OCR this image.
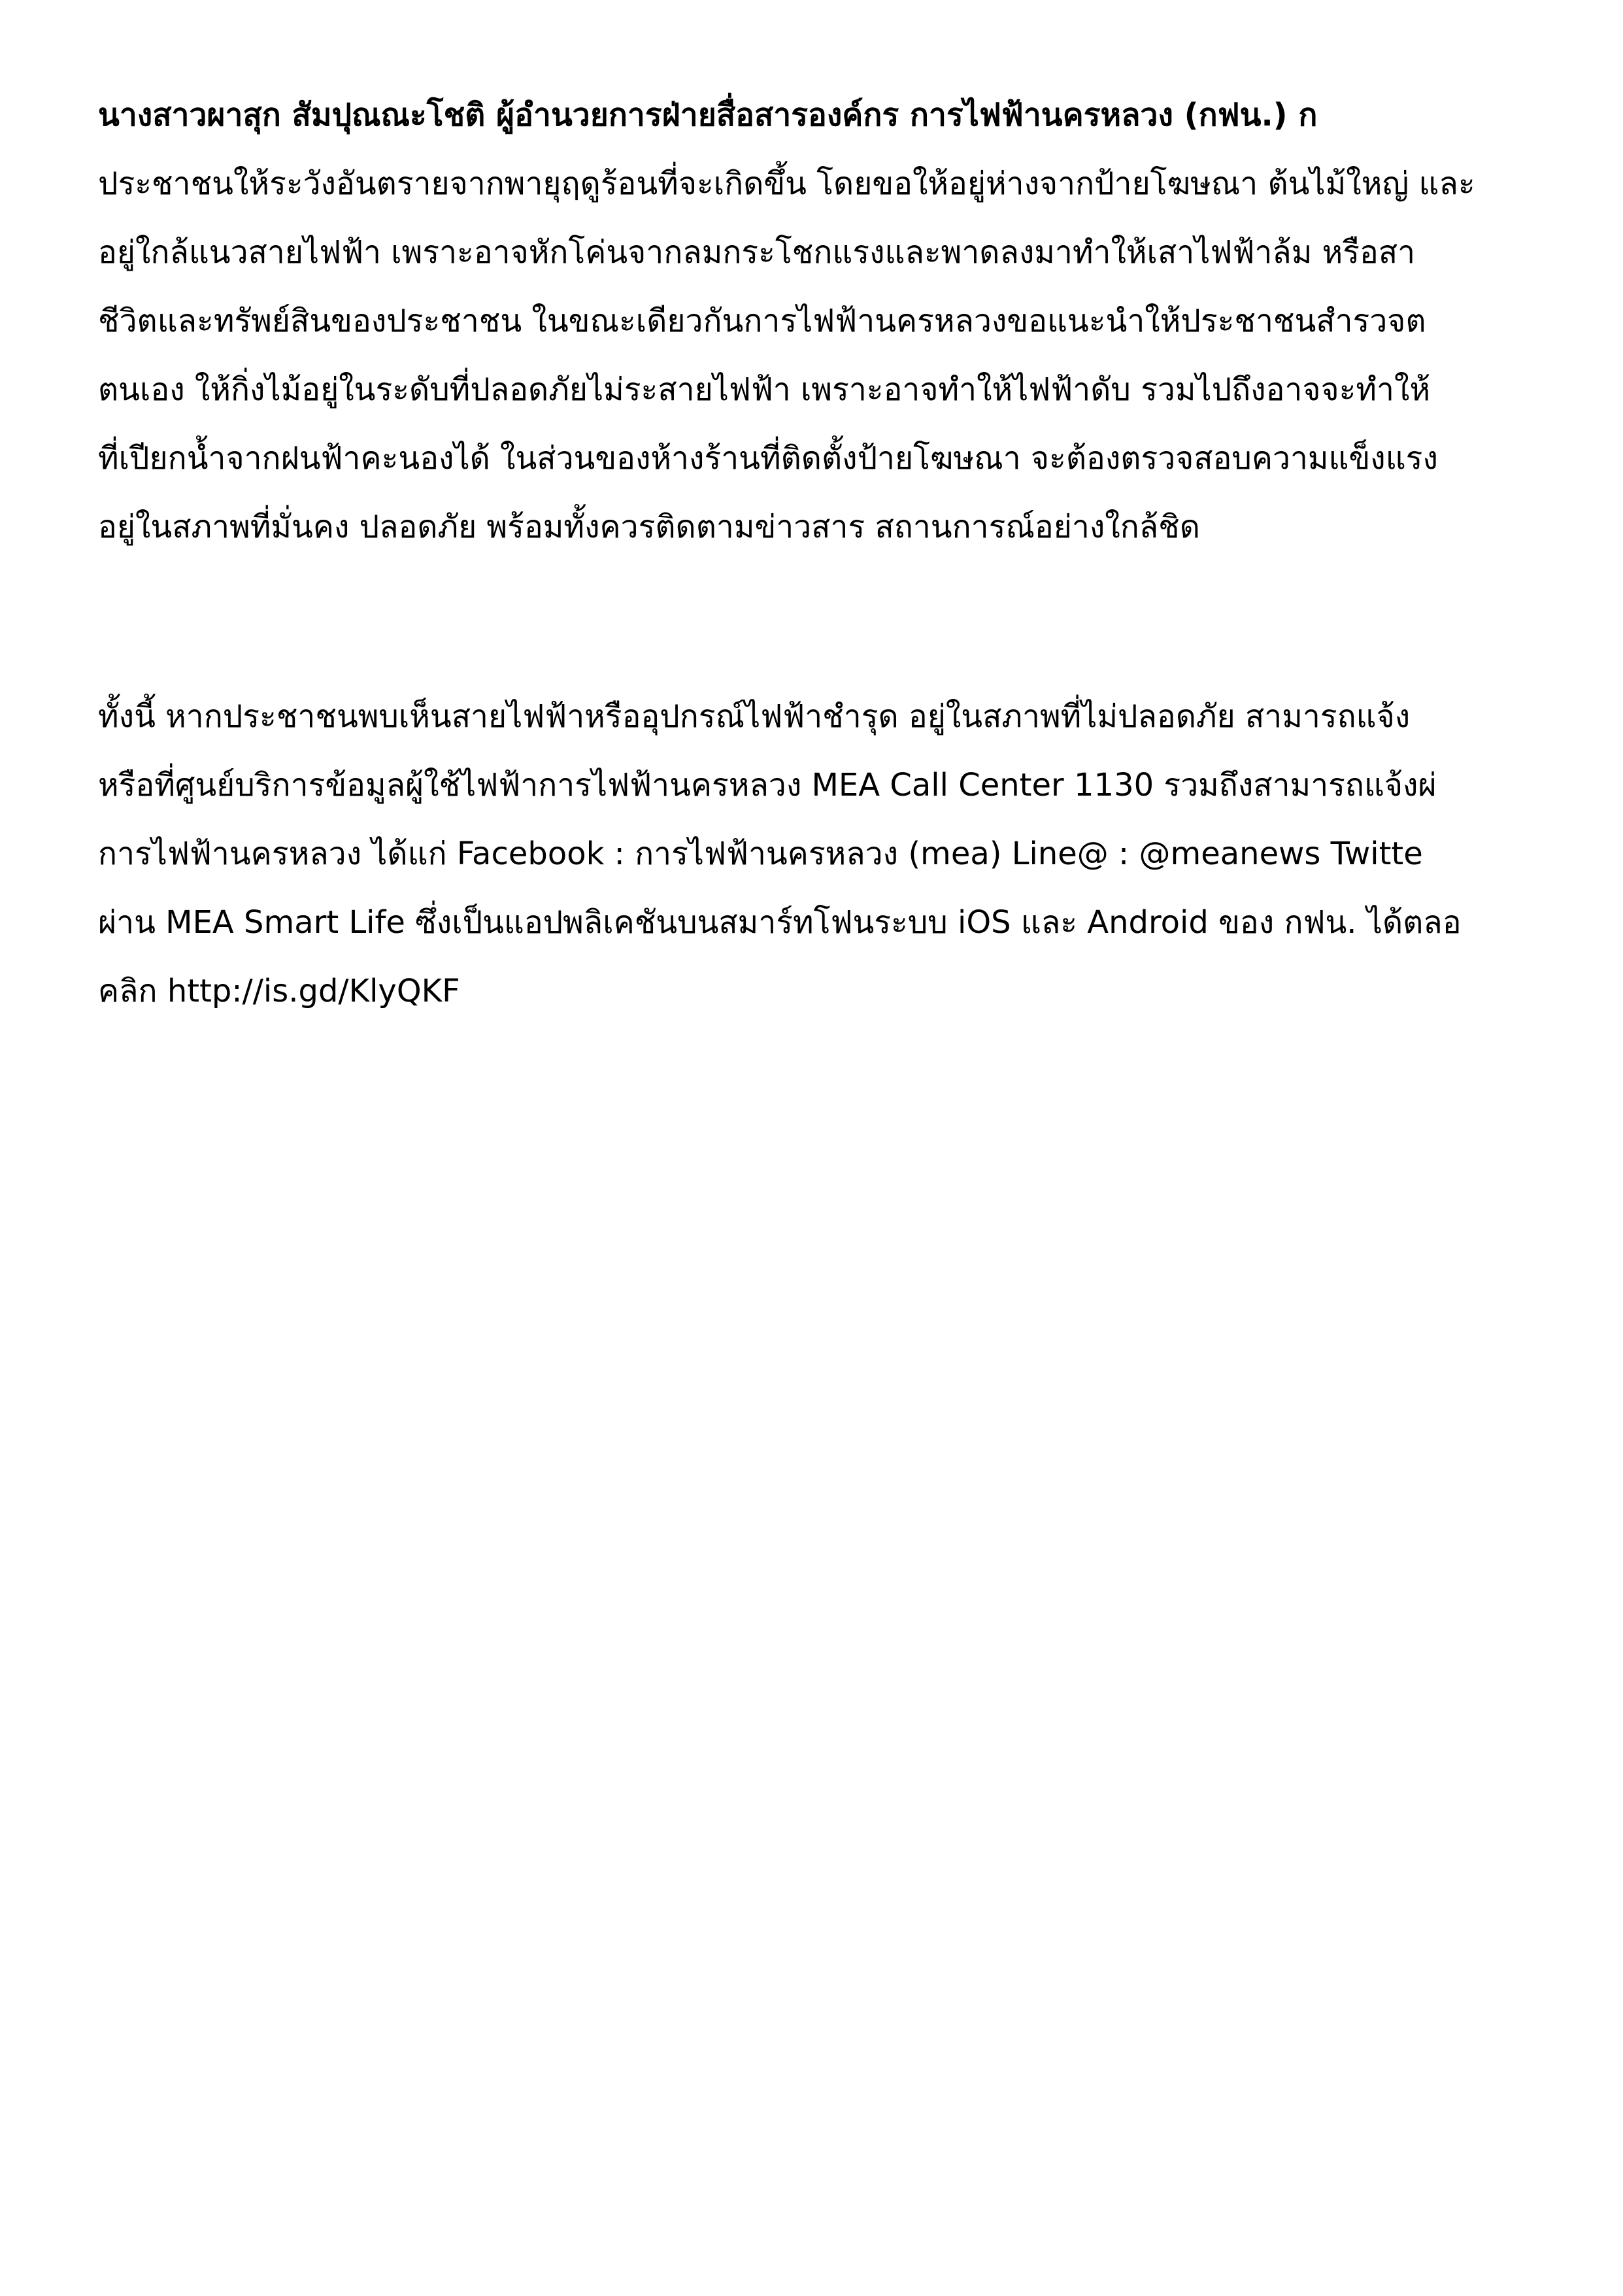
นางสาวผาสุก สัมปุณณะโชติ ผู้อำนวยการฝ่ายสื่อสารองค์กร การไฟฟ้านครหลวง (กฟน.) ก
ประชาชนให้ระวังอันตรายจากพายุฤดูร้อนที่จะเกิดขึ้น โดยขอให้อยู่ห่างจากป้ายโฆษณา ต้นไม้ใหญ่ และ
อยู่ใกล้แนวสายไฟฟ้า เพราะอาจหักโค่นจากลมกระโชกแรงและพาดลงมาทำให้เสาไฟฟ้าล้ม หรือสา
ชีวิตและทรัพย์สินของประชาชน ในขณะเดียวกันการไฟฟ้านครหลวงขอแนะนำให้ประชาชนสำรวจต
ตนเอง ให้กิ่งไม้อยู่ในระดับที่ปลอดภัยไม่ระสายไฟฟ้า เพราะอาจทำให้ไฟฟ้าดับ รวมไปถึงอาจจะทำให้
ที่เปียกน้ำจากฝนฟ้าคะนองได้ ในส่วนของห้างร้านที่ติดตั้งป้ายโฆษณา จะต้องตรวจสอบความแข็งแรง
อยู่ในสภาพที่มั่นคง ปลอดภัย พร้อมทั้งควรติดตามข่าวสาร สถานการณ์อย่างใกล้ชิด
ทั้งนี้ หากประชาชนพบเห็นสายไฟฟ้าหรืออุปกรณ์ไฟฟ้าชำรุด อยู่ในสภาพที่ไม่ปลอดภัย สามารถแจ้ง
หรือที่ศูนย์บริการข้อมูลผู้ใช้ไฟฟ้าการไฟฟ้านครหลวง MEA Call Center 1130 รวมถึงสามารถแจ้งผ่
การไฟฟ้านครหลวง ได้แก่ Facebook : การไฟฟ้านครหลวง (mea) Line@ : @meanews Twitte
ผ่าน MEA Smart Life ซึ่งเป็นแอปพลิเคชันบนสมาร์ทโฟนระบบ iOS และ Android ของ กฟน. ได้ตลอ
คลิก http://is.gd/KlyQKF
